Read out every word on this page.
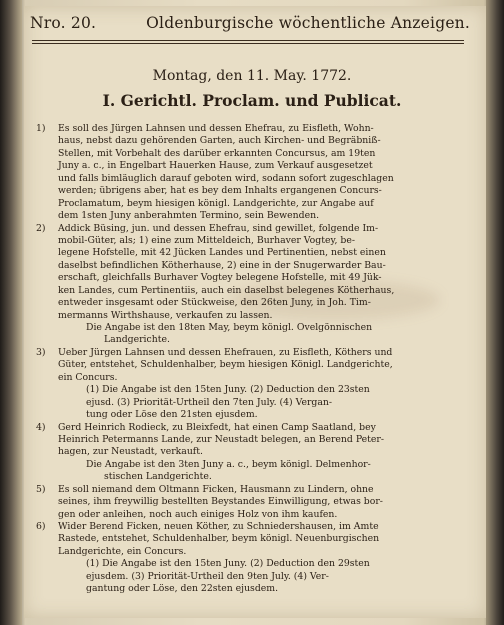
Nro. 20.	Oldenburgische wöchentliche Anzeigen.
Montag, den 11. May. 1772.
I. Gerichtl. Proclam. und Publicat.
1) Es soll des Jürgen Lahnsen und dessen Ehefrau, zu Eisfleth, Wohn-
haus, nebst dazu gehörenden Garten, auch Kirchen- und Begräbniß-
Stellen, mit Vorbehalt des darüber erkannten Concursus, am 19ten
Juny a. c., in Engelbart Hauerken Hause, zum Verkauf ausgesetzet
und falls bimläuglich darauf geboten wird, sodann sofort zugeschlagen
werden; übrigens aber, hat es bey dem Inhalts ergangenen Concurs-
Proclamatum, beym hiesigen königl. Landgerichte, zur Angabe auf
dem 1sten Juny anberahmten Termino, sein Bewenden.
2) Addick Büsing, jun. und dessen Ehefrau, sind gewillet, folgende Im-
mobil-Güter, als; 1) eine zum Mitteldeich, Burhaver Vogtey, be-
legene Hofstelle, mit 42 Jücken Landes und Pertinentien, nebst einen
daselbst befindlichen Kötherhause, 2) eine in der Snugerwarder Bau-
erschaft, gleichfalls Burhaver Vogtey belegene Hofstelle, mit 49 Jük-
ken Landes, cum Pertinentiis, auch ein daselbst belegenes Kötherhaus,
entweder insgesamt oder Stückweise, den 26ten Juny, in Joh. Tim-
mermanns Wirthshause, verkaufen zu lassen.
Die Angabe ist den 18ten May, beym königl. Ovelgönnischen
Landgerichte.
3) Ueber Jürgen Lahnsen und dessen Ehefrauen, zu Eisfleth, Köthers und
Güter, entstehet, Schuldenhalber, beym hiesigen Königl. Landgerichte,
ein Concurs.
(1) Die Angabe ist den 15ten Juny. (2) Deduction den 23sten
ejusd. (3) Priorität-Urtheil den 7ten July. (4) Vergan-
tung oder Löse den 21sten ejusdem.
4) Gerd Heinrich Rodieck, zu Bleixfedt, hat einen Camp Saatland, bey
Heinrich Petermanns Lande, zur Neustadt belegen, an Berend Peter-
hagen, zur Neustadt, verkauft.
Die Angabe ist den 3ten Juny a. c., beym königl. Delmenhor-
stischen Landgerichte.
5) Es soll niemand dem Oltmann Ficken, Hausmann zu Lindern, ohne
seines, ihm freywillig bestellten Beystandes Einwilligung, etwas bor-
gen oder anleihen, noch auch einiges Holz von ihm kaufen.
6) Wider Berend Ficken, neuen Köther, zu Schniedershausen, im Amte
Rastede, entstehet, Schuldenhalber, beym königl. Neuenburgischen
Landgerichte, ein Concurs.
(1) Die Angabe ist den 15ten Juny. (2) Deduction den 29sten
ejusdem. (3) Priorität-Urtheil den 9ten July. (4) Ver-
gantung oder Löse, den 22sten ejusdem.
